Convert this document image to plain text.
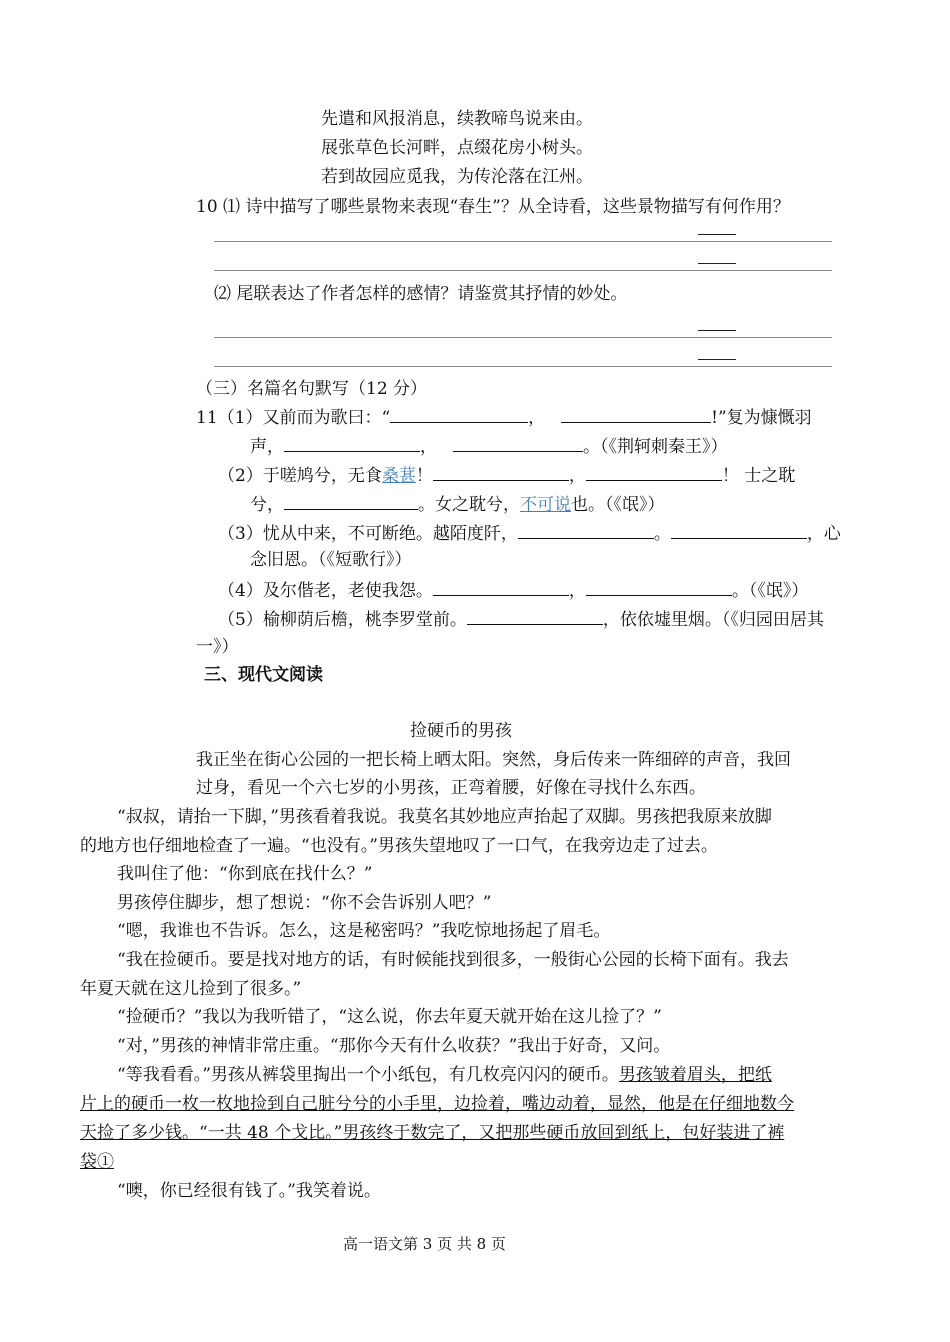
先遣和风报消息，续教啼鸟说来由。
展张草色长河畔，点缀花房小树头。
若到故园应觅我，为传沦落在江州。
10 ⑴ 诗中描写了哪些景物来表现“春生”？从全诗看，这些景物描写有何作用？
⑵ 尾联表达了作者怎样的感情？请鉴赏其抒情的妙处。
（三）名篇名句默写（12 分）
11（1）又前而为歌曰：“	，	!”复为慷慨羽
声，	，	。（《荆轲刺秦王》）
（2）于嗟鸠兮，无食桑葚！	，	！ 士之耽
兮，	。女之耽兮，不可说也。（《氓》）
（3）忧从中来，不可断绝。越陌度阡，	。	，心
念旧恩。（《短歌行》）
（4）及尔偕老，老使我怨。	，	。（《氓》）
（5）榆柳荫后檐，桃李罗堂前。	，依依墟里烟。（《归园田居其
一》）
三、现代文阅读
捡硬币的男孩
我正坐在街心公园的一把长椅上晒太阳。突然，身后传来一阵细碎的声音，我回
过身，看见一个六七岁的小男孩，正弯着腰，好像在寻找什么东西。
“叔叔，请抬一下脚，”男孩看着我说。我莫名其妙地应声抬起了双脚。男孩把我原来放脚
的地方也仔细地检查了一遍。“也没有。”男孩失望地叹了一口气，在我旁边走了过去。
我叫住了他：“你到底在找什么？”
男孩停住脚步，想了想说：“你不会告诉别人吧？”
“嗯，我谁也不告诉。怎么，这是秘密吗？”我吃惊地扬起了眉毛。
“我在捡硬币。要是找对地方的话，有时候能找到很多，一般街心公园的长椅下面有。我去
年夏天就在这儿捡到了很多。”
“捡硬币？”我以为我听错了，“这么说，你去年夏天就开始在这儿捡了？”
“对，”男孩的神情非常庄重。“那你今天有什么收获？”我出于好奇，又问。
“等我看看。”男孩从裤袋里掏出一个小纸包，有几枚亮闪闪的硬币。男孩皱着眉头，把纸
片上的硬币一枚一枚地捡到自己脏兮兮的小手里，边捡着，嘴边动着，显然，他是在仔细地数今
天捡了多少钱。“一共 48 个戈比。”男孩终于数完了，又把那些硬币放回到纸上，包好装进了裤
袋①
“噢，你已经很有钱了。”我笑着说。
高一语文第 3 页 共 8 页
